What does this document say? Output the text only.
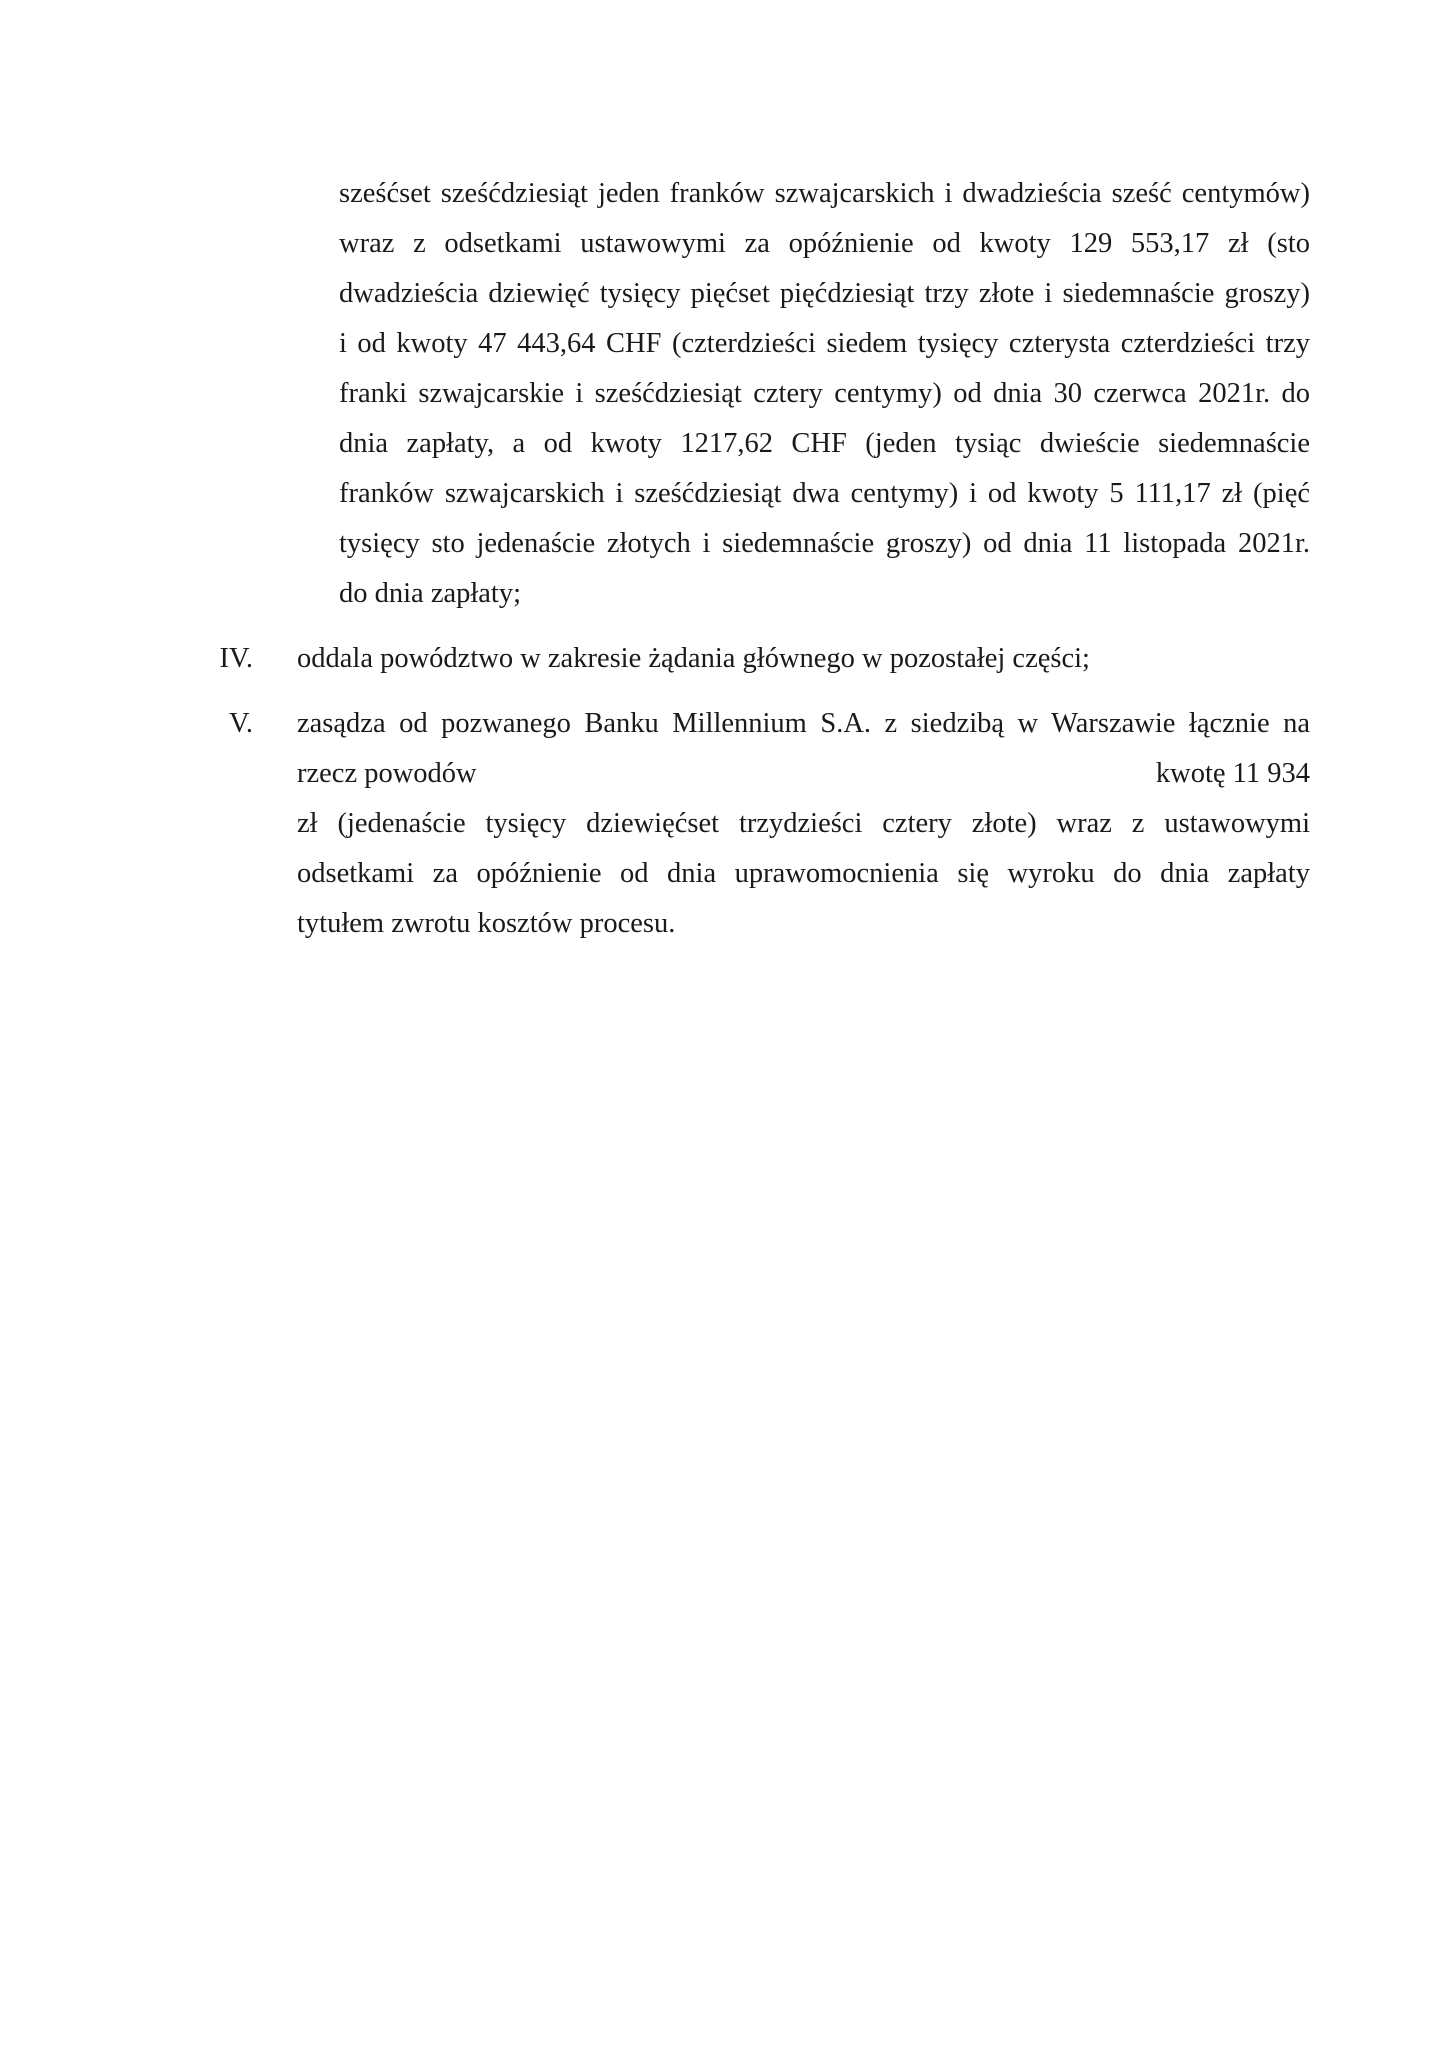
sześćset sześćdziesiąt jeden franków szwajcarskich i dwadzieścia sześć centymów)
wraz z odsetkami ustawowymi za opóźnienie od kwoty 129 553,17 zł (sto
dwadzieścia dziewięć tysięcy pięćset pięćdziesiąt trzy złote i siedemnaście groszy)
i od kwoty 47 443,64 CHF (czterdzieści siedem tysięcy czterysta czterdzieści trzy
franki szwajcarskie i sześćdziesiąt cztery centymy) od dnia 30 czerwca 2021r. do
dnia zapłaty, a od kwoty 1217,62 CHF (jeden tysiąc dwieście siedemnaście
franków szwajcarskich i sześćdziesiąt dwa centymy) i od kwoty 5 111,17 zł (pięć
tysięcy sto jedenaście złotych i siedemnaście groszy) od dnia 11 listopada 2021r.
do dnia zapłaty;
IV. oddala powództwo w zakresie żądania głównego w pozostałej części;
V. zasądza od pozwanego Banku Millennium S.A. z siedzibą w Warszawie łącznie na
rzecz powodów	kwotę 11 934
zł (jedenaście tysięcy dziewięćset trzydzieści cztery złote) wraz z ustawowymi
odsetkami za opóźnienie od dnia uprawomocnienia się wyroku do dnia zapłaty
tytułem zwrotu kosztów procesu.
